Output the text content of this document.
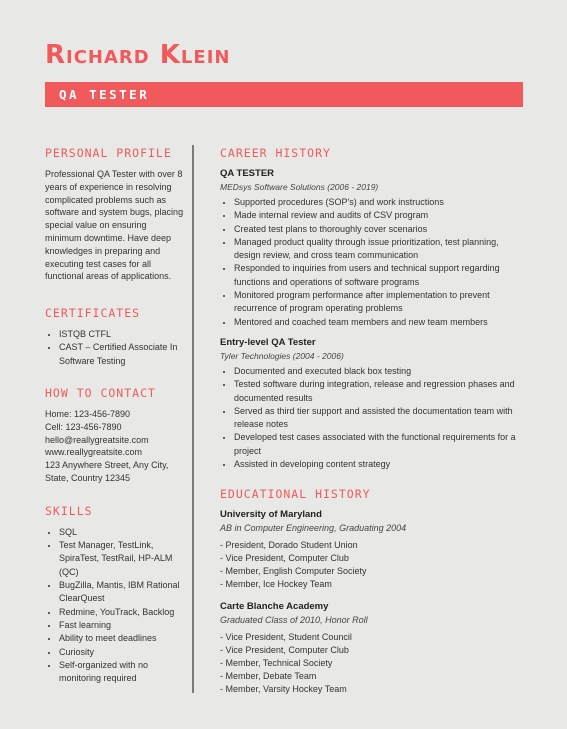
Richard Klein
QA TESTER
PERSONAL PROFILE

Professional QA Tester with over 8 years of experience in resolving complicated problems such as software and system bugs, placing special value on ensuring minimum downtime. Have deep knowledges in preparing and executing test cases for all functional areas of applications.

CERTIFICATES
• ISTQB CTFL
• CAST – Certified Associate In Software Testing
HOW TO CONTACT

Home: 123-456-7890

Cell: 123-456-7890

hello@reallygreatsite.com

www.reallygreatsite.com

123 Anywhere Street, Any City,

State, Country 12345

SKILLS
• SQL
• Test Manager, TestLink, SpiraTest, TestRail, HP-ALM (QC)
• BugZilla, Mantis, IBM Rational ClearQuest
• Redmine, YouTrack, Backlog
• Fast learning
• Ability to meet deadlines
• Curiosity
• Self-organized with no monitoring required
CAREER HISTORY
QA TESTER
MEDsys Software Solutions (2006 - 2019)
• Supported procedures (SOP's) and work instructions
• Made internal review and audits of CSV program
• Created test plans to thoroughly cover scenarios
• Managed product quality through issue prioritization, test planning, design review, and cross team communication
• Responded to inquiries from users and technical support regarding functions and operations of software programs
• Monitored program performance after implementation to prevent recurrence of program operating problems
• Mentored and coached team members and new team members
Entry-level QA Tester
Tyler Technologies (2004 - 2006)
• Documented and executed black box testing
• Tested software during integration, release and regression phases and documented results
• Served as third tier support and assisted the documentation team with release notes
• Developed test cases associated with the functional requirements for a project
• Assisted in developing content strategy
EDUCATIONAL HISTORY
University of Maryland
AB in Computer Engineering, Graduating 2004

- President, Dorado Student Union

- Vice President, Computer Club

- Member, English Computer Society

- Member, Ice Hockey Team

Carte Blanche Academy
Graduated Class of 2010, Honor Roll

- Vice President, Student Council

- Vice President, Computer Club

- Member, Technical Society

- Member, Debate Team

- Member, Varsity Hockey Team
